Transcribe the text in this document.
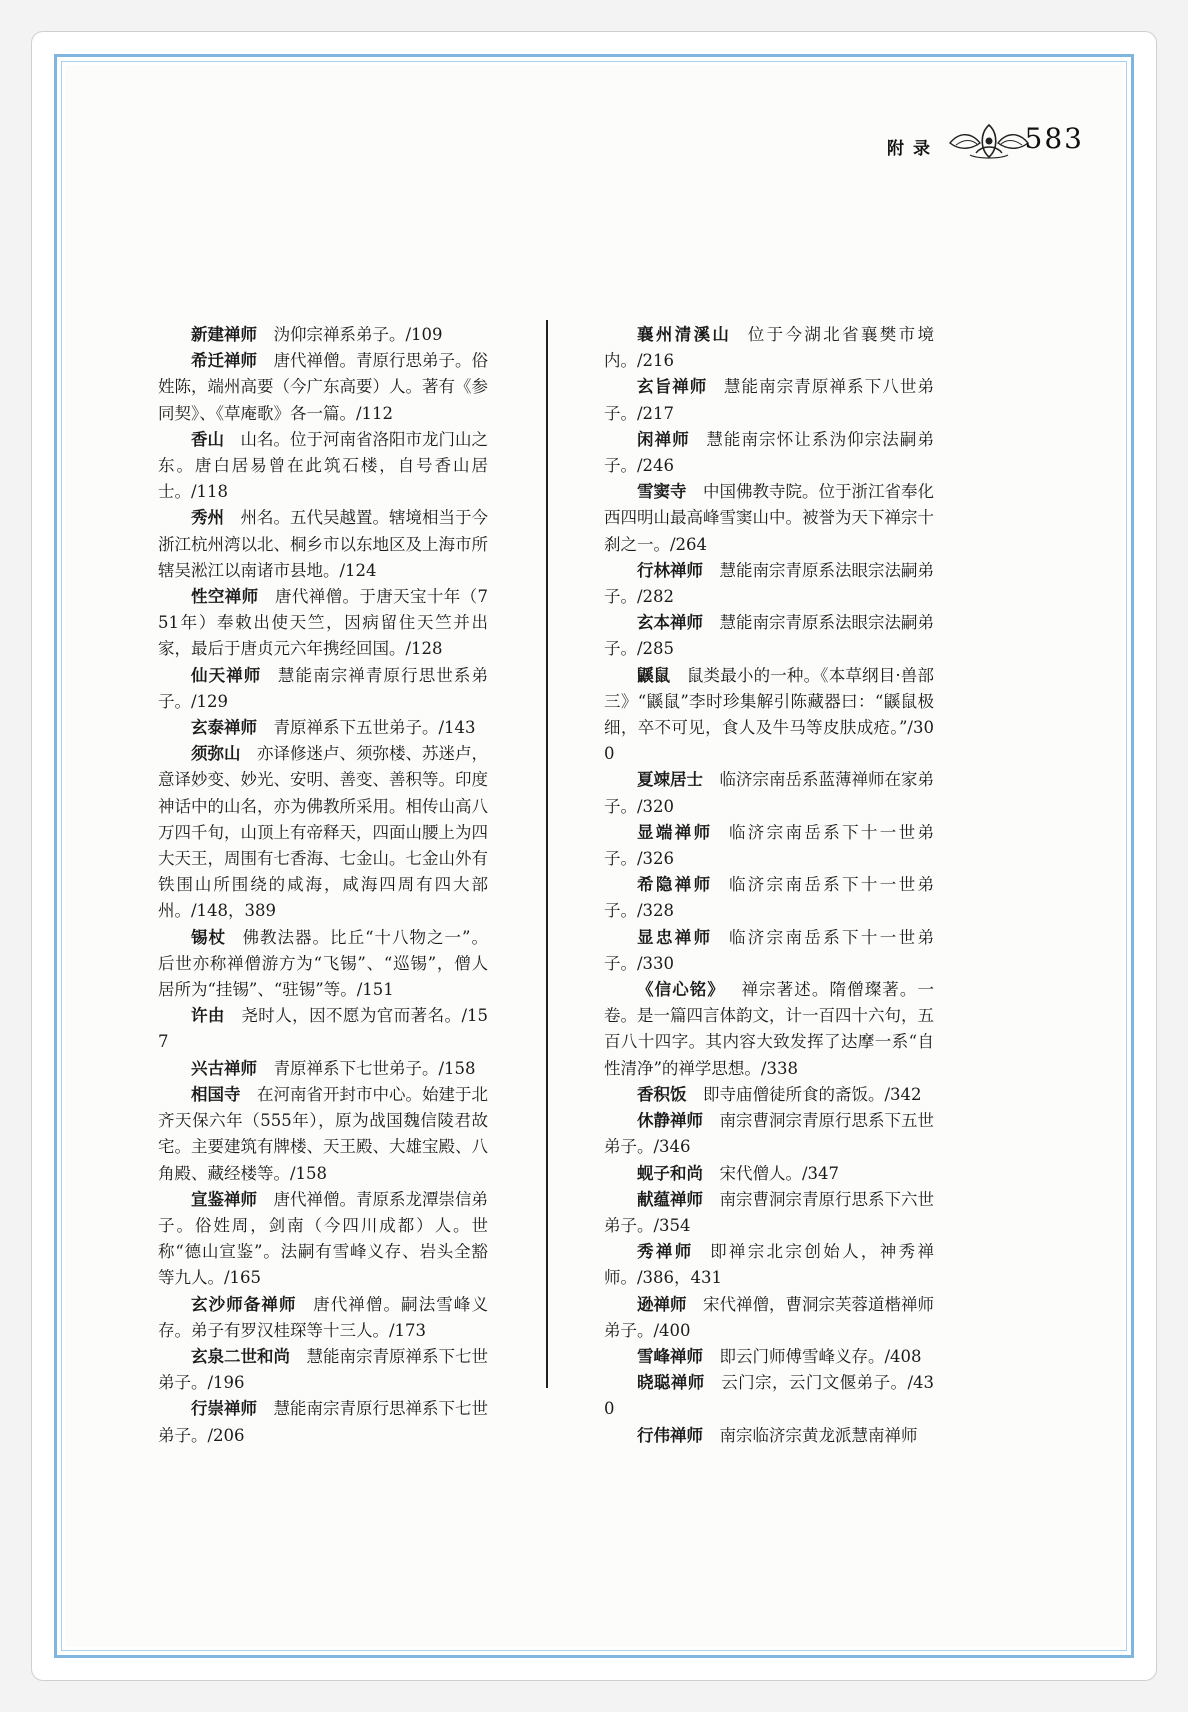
附录	583

新建禅师 沩仰宗禅系弟子。/109

希迁禅师 唐代禅僧。青原行思弟子。俗姓陈，端州高要（今广东高要）人。著有《参同契》、《草庵歌》各一篇。/112

香山 山名。位于河南省洛阳市龙门山之东。唐白居易曾在此筑石楼，自号香山居士。/118

秀州 州名。五代吴越置。辖境相当于今浙江杭州湾以北、桐乡市以东地区及上海市所辖吴淞江以南诸市县地。/124

性空禅师 唐代禅僧。于唐天宝十年（751年）奉敕出使天竺，因病留住天竺并出家，最后于唐贞元六年携经回国。/128

仙天禅师 慧能南宗禅青原行思世系弟子。/129

玄泰禅师 青原禅系下五世弟子。/143

须弥山 亦译修迷卢、须弥楼、苏迷卢，意译妙变、妙光、安明、善变、善积等。印度神话中的山名，亦为佛教所采用。相传山高八万四千旬，山顶上有帝释天，四面山腰上为四大天王，周围有七香海、七金山。七金山外有铁围山所围绕的咸海，咸海四周有四大部州。/148，389

锡杖 佛教法器。比丘“十八物之一”。后世亦称禅僧游方为“飞锡”、“巡锡”，僧人居所为“挂锡”、“驻锡”等。/151

许由 尧时人，因不愿为官而著名。/157

兴古禅师 青原禅系下七世弟子。/158

相国寺 在河南省开封市中心。始建于北齐天保六年（555年），原为战国魏信陵君故宅。主要建筑有牌楼、天王殿、大雄宝殿、八角殿、藏经楼等。/158

宣鉴禅师 唐代禅僧。青原系龙潭崇信弟子。俗姓周，剑南（今四川成都）人。世称“德山宣鉴”。法嗣有雪峰义存、岩头全豁等九人。/165

玄沙师备禅师 唐代禅僧。嗣法雪峰义存。弟子有罗汉桂琛等十三人。/173

玄泉二世和尚 慧能南宗青原禅系下七世弟子。/196

行崇禅师 慧能南宗青原行思禅系下七世弟子。/206

襄州清溪山 位于今湖北省襄樊市境内。/216

玄旨禅师 慧能南宗青原禅系下八世弟子。/217

闲禅师 慧能南宗怀让系沩仰宗法嗣弟子。/246

雪窦寺 中国佛教寺院。位于浙江省奉化西四明山最高峰雪窦山中。被誉为天下禅宗十刹之一。/264

行林禅师 慧能南宗青原系法眼宗法嗣弟子。/282

玄本禅师 慧能南宗青原系法眼宗法嗣弟子。/285

鼷鼠 鼠类最小的一种。《本草纲目·兽部三》“鼷鼠”李时珍集解引陈藏器曰：“鼷鼠极细，卒不可见，食人及牛马等皮肤成疮。”/300

夏竦居士 临济宗南岳系蓝薄禅师在家弟子。/320

显端禅师 临济宗南岳系下十一世弟子。/326

希隐禅师 临济宗南岳系下十一世弟子。/328

显忠禅师 临济宗南岳系下十一世弟子。/330

《信心铭》 禅宗著述。隋僧璨著。一卷。是一篇四言体韵文，计一百四十六句，五百八十四字。其内容大致发挥了达摩一系“自性清净”的禅学思想。/338

香积饭 即寺庙僧徒所食的斋饭。/342

休静禅师 南宗曹洞宗青原行思系下五世弟子。/346

蚬子和尚 宋代僧人。/347

献蕴禅师 南宗曹洞宗青原行思系下六世弟子。/354

秀禅师 即禅宗北宗创始人，神秀禅师。/386，431

逊禅师 宋代禅僧，曹洞宗芙蓉道楷禅师弟子。/400

雪峰禅师 即云门师傅雪峰义存。/408

晓聪禅师 云门宗，云门文偃弟子。/430

行伟禅师 南宗临济宗黄龙派慧南禅师
